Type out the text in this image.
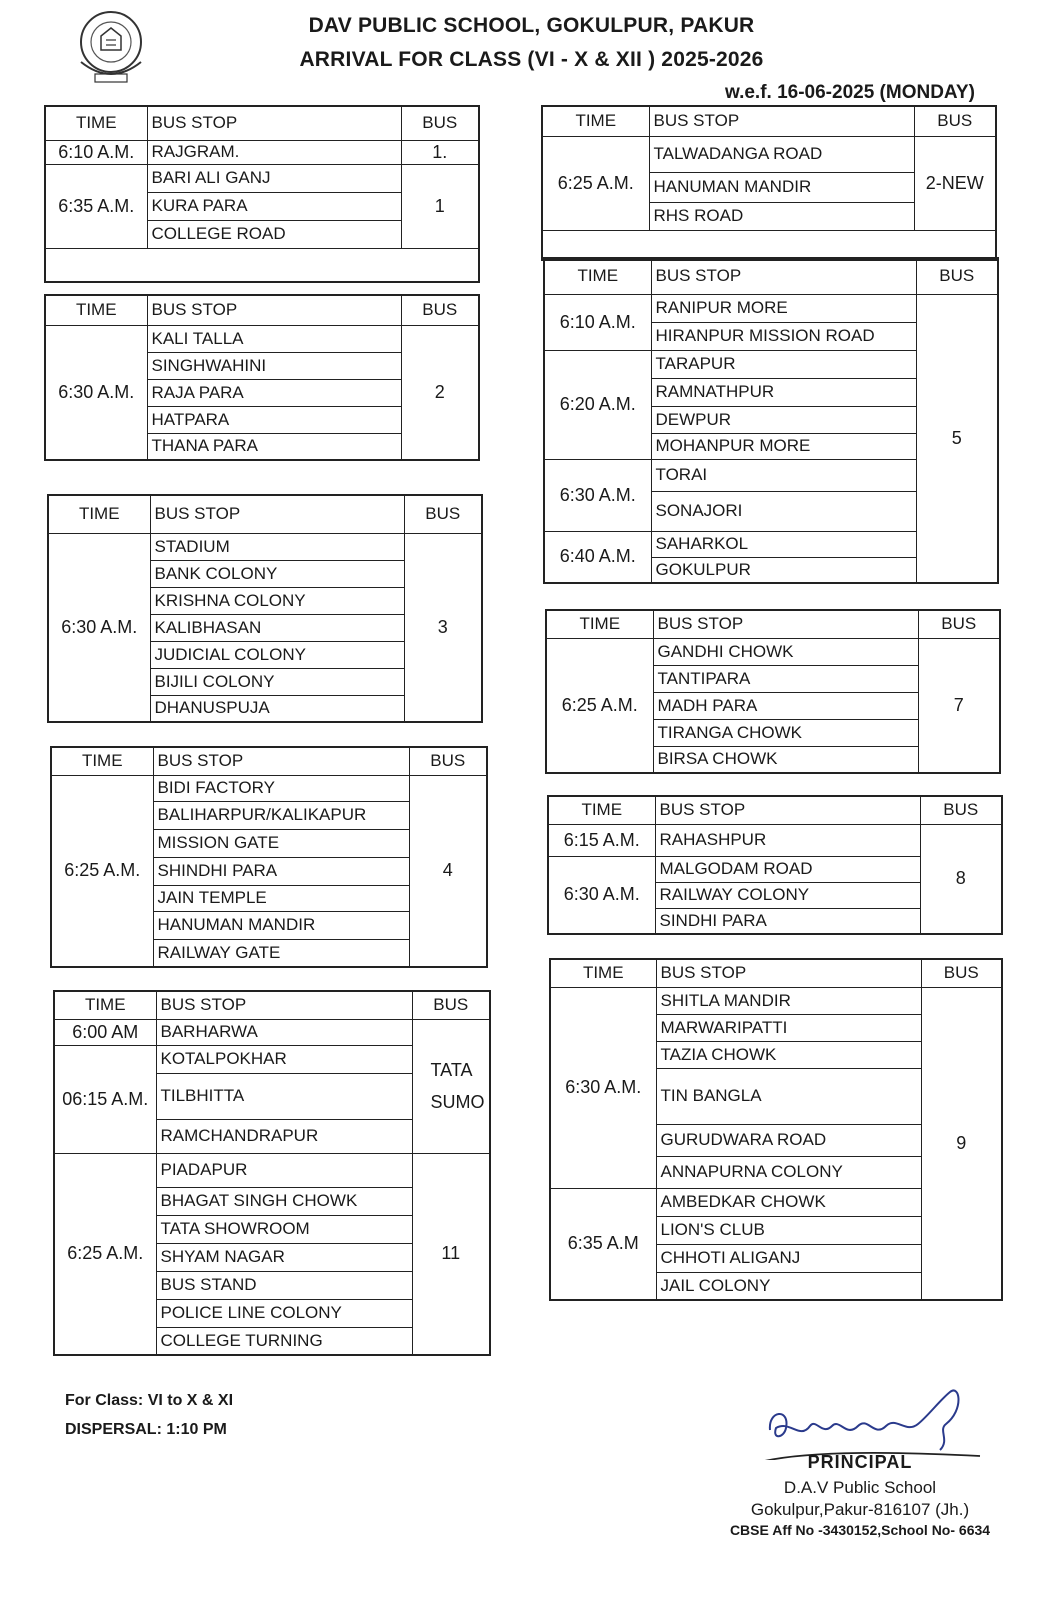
DAV PUBLIC SCHOOL, GOKULPUR, PAKUR
ARRIVAL FOR CLASS (VI - X & XII ) 2025-2026
w.e.f. 16-06-2025 (MONDAY)
TIME	BUS STOP	BUS
6:10 A.M.	RAJGRAM.	1.
6:35 A.M.	BARI ALI GANJ	1
	KURA PARA	
	COLLEGE ROAD	

TIME	BUS STOP	BUS
6:30 A.M.	KALI TALLA	2
	SINGHWAHINI	
	RAJA PARA	
	HATPARA	
	THANA PARA	
TIME	BUS STOP	BUS
6:30 A.M.	STADIUM	3
	BANK COLONY	
	KRISHNA COLONY	
	KALIBHASAN	
	JUDICIAL COLONY	
	BIJILI COLONY	
	DHANUSPUJA	
TIME	BUS STOP	BUS
6:25 A.M.	BIDI FACTORY	4
	BALIHARPUR/KALIKAPUR	
	MISSION GATE	
	SHINDHI PARA	
	JAIN TEMPLE	
	HANUMAN MANDIR	
	RAILWAY GATE	
TIME	BUS STOP	BUS
6:00 AM	BARHARWA	TATA SUMO
06:15 A.M.	KOTALPOKHAR	
	TILBHITTA	
	RAMCHANDRAPUR	
6:25 A.M.	PIADAPUR	11
	BHAGAT SINGH CHOWK	
	TATA SHOWROOM	
	SHYAM NAGAR	
	BUS STAND	
	POLICE LINE COLONY	
	COLLEGE TURNING	
TIME	BUS STOP	BUS
6:25 A.M.	TALWADANGA ROAD	2-NEW
	HANUMAN MANDIR	
	RHS ROAD	

TIME	BUS STOP	BUS
6:10 A.M.	RANIPUR MORE	5
	HIRANPUR MISSION ROAD	
6:20 A.M.	TARAPUR	
	RAMNATHPUR	
	DEWPUR	
	MOHANPUR MORE	
6:30 A.M.	TORAI	
	SONAJORI	
6:40 A.M.	SAHARKOL	
	GOKULPUR	
TIME	BUS STOP	BUS
6:25 A.M.	GANDHI CHOWK	7
	TANTIPARA	
	MADH PARA	
	TIRANGA CHOWK	
	BIRSA CHOWK	
TIME	BUS STOP	BUS
6:15 A.M.	RAHASHPUR	8
6:30 A.M.	MALGODAM ROAD	
	RAILWAY COLONY	
	SINDHI PARA	
TIME	BUS STOP	BUS
6:30 A.M.	SHITLA MANDIR	9
	MARWARIPATTI	
	TAZIA CHOWK	
	TIN BANGLA	
	GURUDWARA ROAD	
	ANNAPURNA COLONY	
6:35 A.M	AMBEDKAR CHOWK	
	LION'S CLUB	
	CHHOTI ALIGANJ	
	JAIL COLONY	
For Class: VI to X & XI
DISPERSAL: 1:10 PM
PRINCIPAL
D.A.V Public School
Gokulpur,Pakur-816107 (Jh.)
CBSE Aff No -3430152,School No- 6634
